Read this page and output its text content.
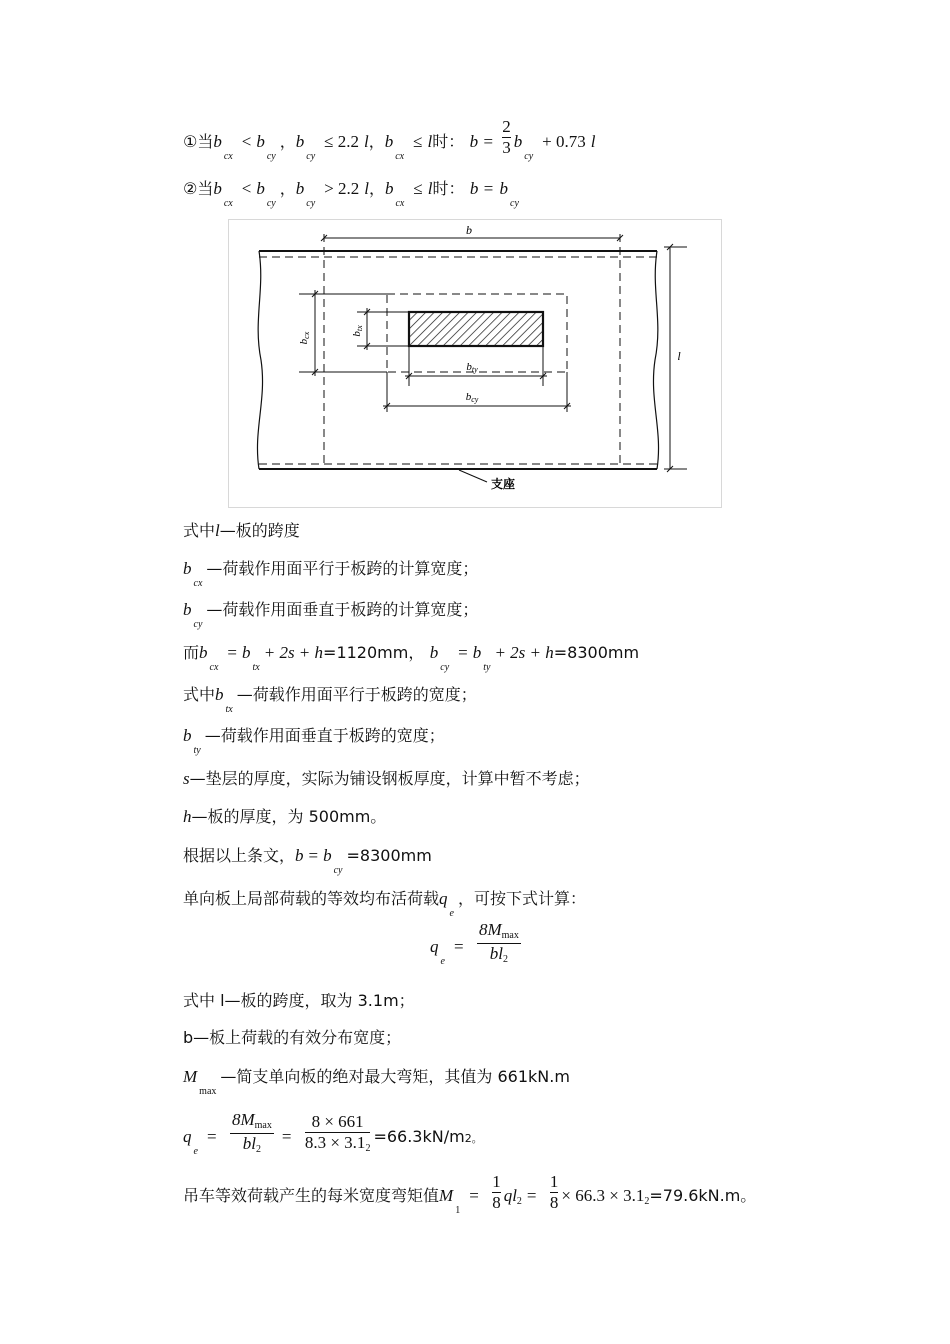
①当$b_{cx}< b_{cy}$，$b_{cy}\le 2.2$ l，$b_{cx}\le l$时： $b = \frac{2}{3} b_{cy}+ 0.73$ l
②当$b_{cx}< b_{cy}$，$b_{cy}> 2.2$ l，$b_{cx}\le l$时： $b = b_{cy}$
b
l
bcx	btx
bty
bcy
支座
式中l—板的跨度
$b_{cx}—$荷载作用面平行于板跨的计算宽度；
$b_{cy}—$荷载作用面垂直于板跨的计算宽度；
而$b_{cx}= b_{tx}+ 2s + h=1120mm$， $b_{cy}= b_{ty}+ 2s + h=8300mm$
式中$b_{tx}—$荷载作用面平行于板跨的宽度；
$b_{ty}—$荷载作用面垂直于板跨的宽度；
s—垫层的厚度，实际为铺设钢板厚度，计算中暂不考虑；
h—板的厚度，为 500mm。
根据以上条文，$b = b_{cy}=8300mm$
单向板上局部荷载的等效均布活荷载$q_e$，可按下式计算：
$q_e= \frac{8Mmax}{bl2}$
式中 l—板的跨度，取为 3.1m；
b—板上荷载的有效分布宽度；
$M_{max}—$简支单向板的绝对最大弯矩，其值为 661kN.m
$q_e= \frac{8Mmax}{bl2} = \frac{8 \times 661}{8.3 \times 3.12} =66.3kN/m2$。
吊车等效荷载产生的每米宽度弯矩值$M_1= \frac{1}{8} ql2 = \frac{1}{8} \times 66.3 \times 3.12=79.6kN.m$。
